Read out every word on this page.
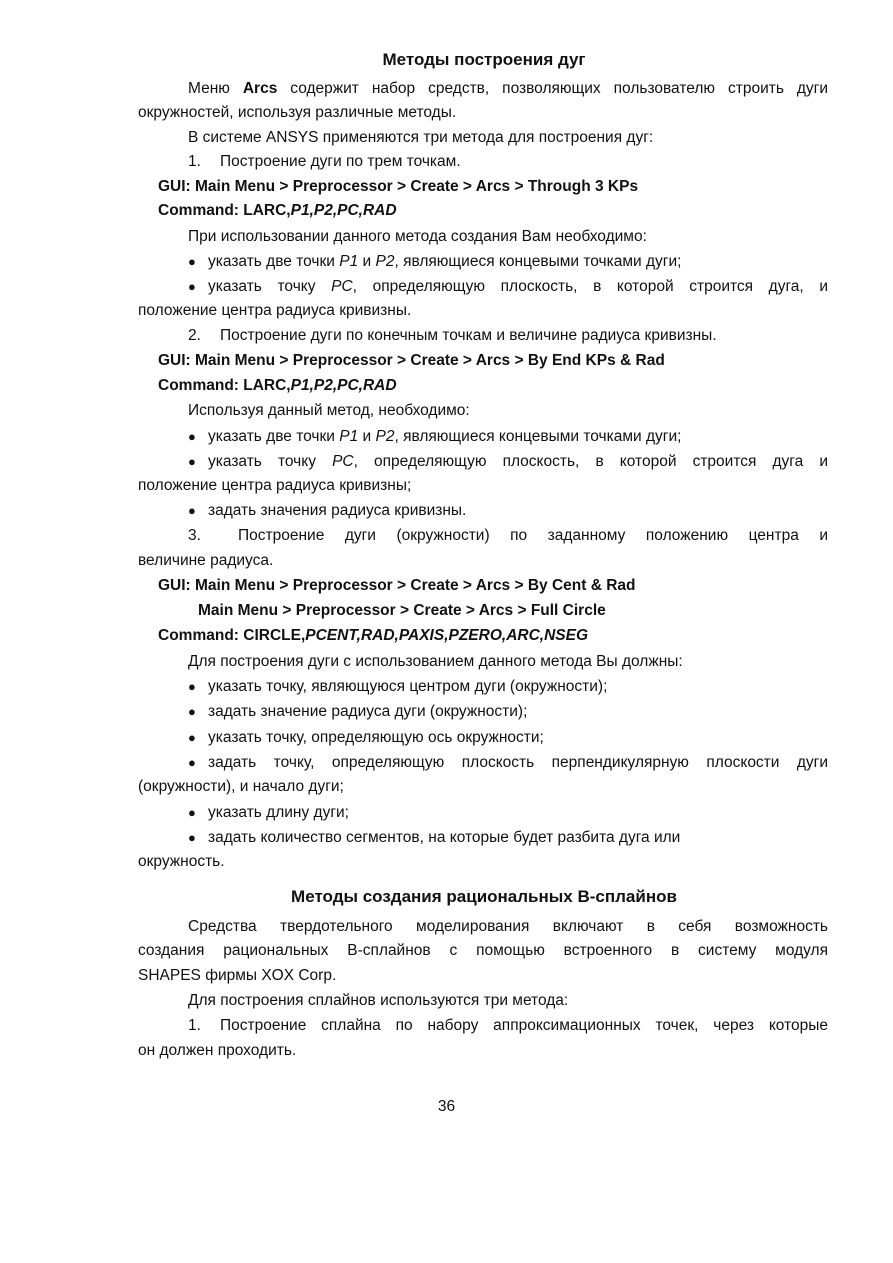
Методы построения дуг
Меню Arcs содержит набор средств, позволяющих пользователю строить дуги
окружностей, используя различные методы.
В системе ANSYS применяются три метода для построения дуг:
1. Построение дуги по трем точкам.
GUI: Main Menu > Preprocessor > Create > Arcs > Through 3 KPs
Command: LARC,P1,P2,PC,RAD
При использовании данного метода создания Вам необходимо:
● указать две точки P1 и P2, являющиеся концевыми точками дуги;
● указать точку PC, определяющую плоскость, в которой строится дуга, и
положение центра радиуса кривизны.
2. Построение дуги по конечным точкам и величине радиуса кривизны.
GUI: Main Menu > Preprocessor > Create > Arcs > By End KPs & Rad
Command: LARC,P1,P2,PC,RAD
Используя данный метод, необходимо:
● указать две точки P1 и P2, являющиеся концевыми точками дуги;
● указать точку PC, определяющую плоскость, в которой строится дуга и
положение центра радиуса кривизны;
● задать значения радиуса кривизны.
3. Построение дуги (окружности) по заданному положению центра и
величине радиуса.
GUI: Main Menu > Preprocessor > Create > Arcs > By Cent & Rad
Main Menu > Preprocessor > Create > Arcs > Full Circle
Command: CIRCLE,PCENT,RAD,PAXIS,PZERO,ARC,NSEG
Для построения дуги с использованием данного метода Вы должны:
● указать точку, являющуюся центром дуги (окружности);
● задать значение радиуса дуги (окружности);
● указать точку, определяющую ось окружности;
● задать точку, определяющую плоскость перпендикулярную плоскости дуги
(окружности), и начало дуги;
● указать длину дуги;
● задать количество сегментов, на которые будет разбита дуга или
окружность.
Методы создания рациональных В-сплайнов
Средства твердотельного моделирования включают в себя возможность
создания рациональных В-сплайнов с помощью встроенного в систему модуля
SHAPES фирмы XOX Corp.
Для построения сплайнов используются три метода:
1. Построение сплайна по набору аппроксимационных точек, через которые
он должен проходить.
36
